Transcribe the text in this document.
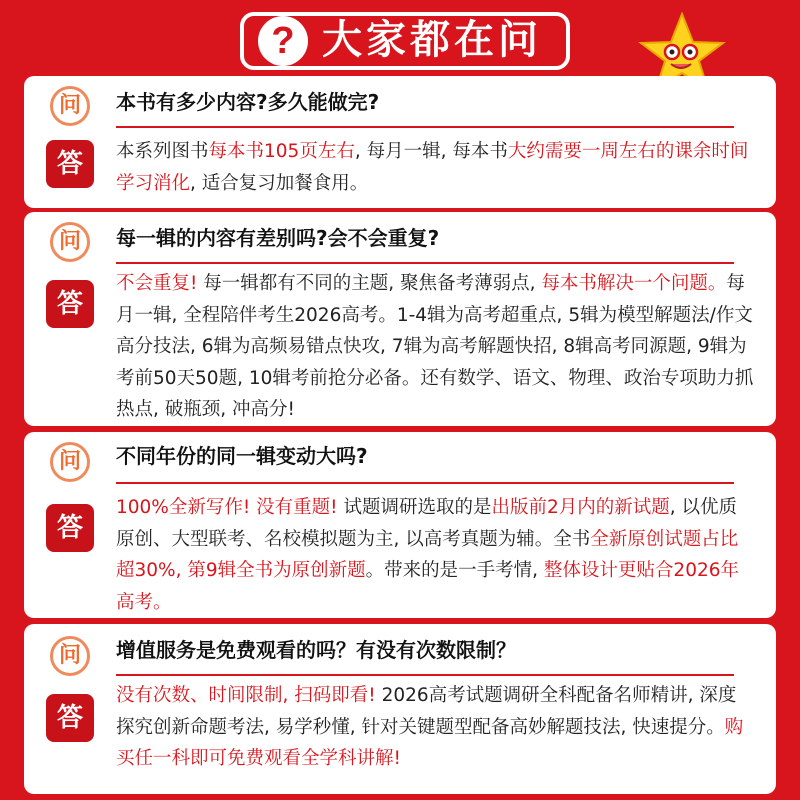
? 大家都在问
问	本书有多少内容?多久能做完?
答	本系列图书每本书105页左右, 每月一辑, 每本书大约需要一周左右的课余时间学习消化, 适合复习加餐食用。
问	每一辑的内容有差别吗?会不会重复?
答
不会重复! 每一辑都有不同的主题, 聚焦备考薄弱点, 每本书解决一个问题。每月一辑, 全程陪伴考生2026高考。1-4辑为高考超重点, 5辑为模型解题法/作文高分技法, 6辑为高频易错点快攻, 7辑为高考解题快招, 8辑高考同源题, 9辑为考前50天50题, 10辑考前抢分必备。还有数学、语文、物理、政治专项助力抓热点, 破瓶颈, 冲高分!
问	不同年份的同一辑变动大吗?
答
100%全新写作! 没有重题! 试题调研选取的是出版前2月内的新试题, 以优质原创、大型联考、名校模拟题为主, 以高考真题为辅。全书全新原创试题占比超30%, 第9辑全书为原创新题。带来的是一手考情, 整体设计更贴合2026年高考。
问	增值服务是免费观看的吗？有没有次数限制？
答
没有次数、时间限制, 扫码即看! 2026高考试题调研全科配备名师精讲, 深度探究创新命题考法, 易学秒懂, 针对关键题型配备高妙解题技法, 快速提分。购买任一科即可免费观看全学科讲解!
